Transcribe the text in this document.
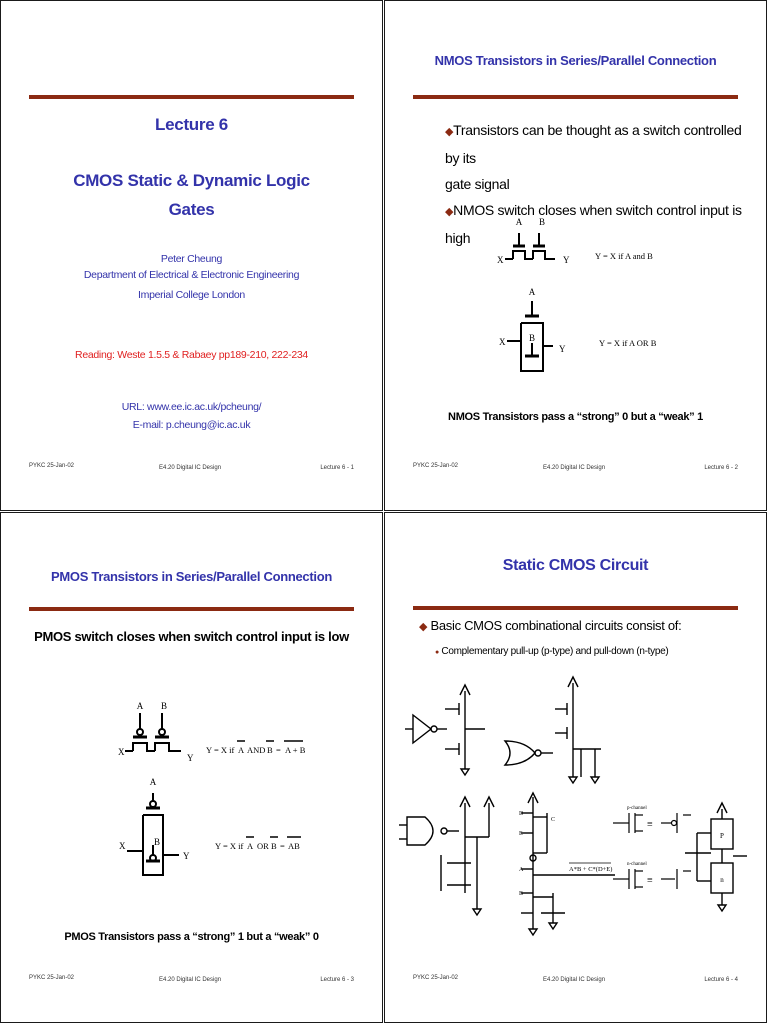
Lecture 6
CMOS Static & Dynamic Logic
Gates
Peter Cheung
Department of Electrical & Electronic Engineering
Imperial College London
Reading: Weste 1.5.5 & Rabaey pp189-210, 222-234
URL: www.ee.ic.ac.uk/pcheung/
E-mail: p.cheung@ic.ac.uk
PYKC 25-Jan-02	E4.20 Digital IC Design	Lecture 6 - 1
NMOS Transistors in Series/Parallel Connection
◆Transistors can be thought as a switch controlled by its
gate signal
◆NMOS switch closes when switch control input is high
A B
X	Y	Y = X if A and B
A
B
X
Y
Y = X if A OR B
NMOS Transistors pass a “strong” 0 but a “weak” 1
PYKC 25-Jan-02	E4.20 Digital IC Design	Lecture 6 - 2
PMOS Transistors in Series/Parallel Connection
PMOS switch closes when switch control input is low
A B
X
Y
Y = X if A AND B = A + B
A
B
X
Y
Y = X if A OR B = AB
PMOS Transistors pass a “strong” 1 but a “weak” 0
PYKC 25-Jan-02	E4.20 Digital IC Design	Lecture 6 - 3
Static CMOS Circuit
◆ Basic CMOS combinational circuits consist of:
● Complementary pull-up (p-type) and pull-down (n-type)
D
E
C
A
B
A*B + C*(D+E)
p-channel
≡
n-channel
≡
P
n
PYKC 25-Jan-02	E4.20 Digital IC Design	Lecture 6 - 4
